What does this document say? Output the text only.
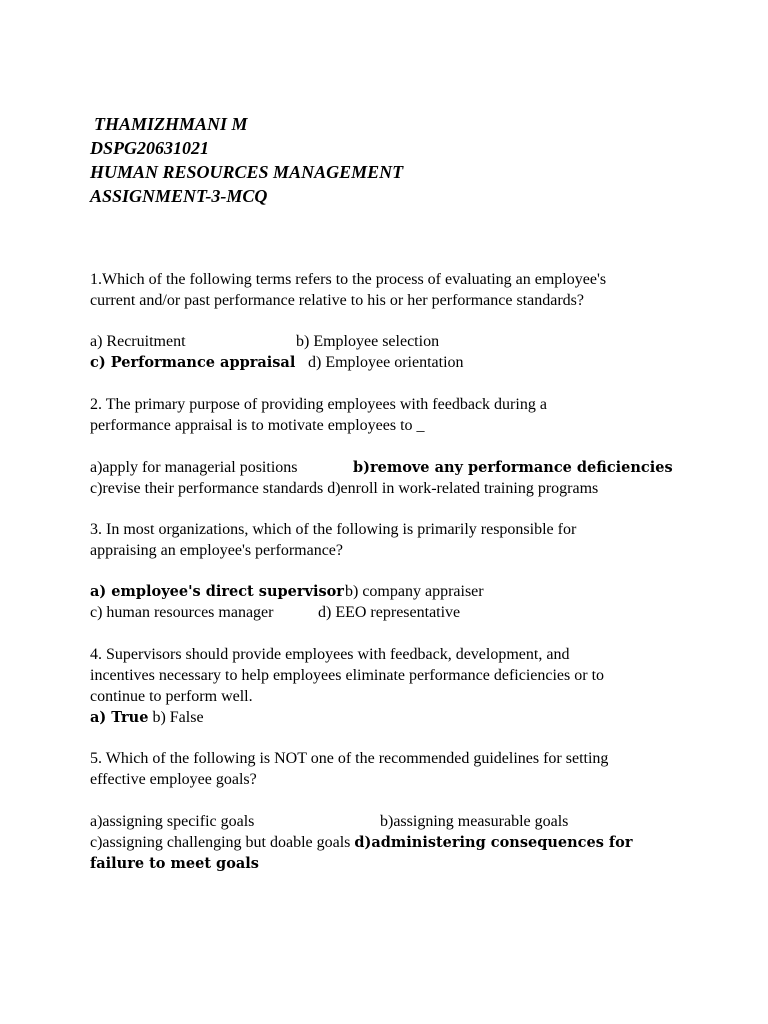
THAMIZHMANI M
DSPG20631021
HUMAN RESOURCES MANAGEMENT
ASSIGNMENT-3-MCQ
1.Which of the following terms refers to the process of evaluating an employee's
current and/or past performance relative to his or her performance standards?
a) Recruitment	b) Employee selection
c) Performance appraisal d) Employee orientation
2. The primary purpose of providing employees with feedback during a
performance appraisal is to motivate employees to _
a)apply for managerial positions	b)remove any performance deficiencies
c)revise their performance standards d)enroll in work-related training programs
3. In most organizations, which of the following is primarily responsible for
appraising an employee's performance?
a) employee's direct supervisor b) company appraiser
c) human resources manager	d) EEO representative
4. Supervisors should provide employees with feedback, development, and
incentives necessary to help employees eliminate performance deficiencies or to
continue to perform well.
a) True b) False
5. Which of the following is NOT one of the recommended guidelines for setting
effective employee goals?
a)assigning specific goals	b)assigning measurable goals
c)assigning challenging but doable goals d)administering consequences for
failure to meet goals
